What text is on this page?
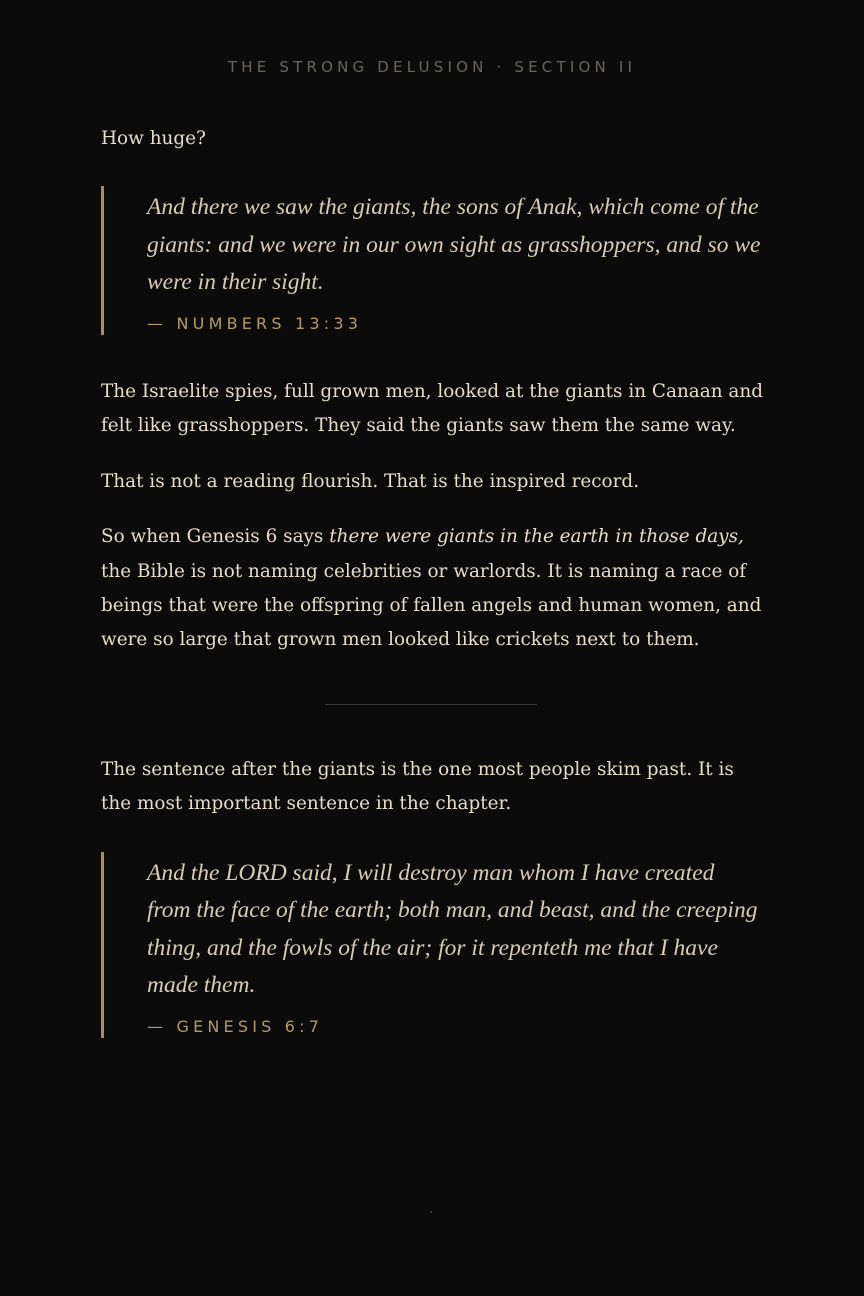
THE STRONG DELUSION · SECTION II

How huge?

And there we saw the giants, the sons of Anak, which come of the giants: and we were in our own sight as grasshoppers, and so we were in their sight.

— NUMBERS 13:33

The Israelite spies, full grown men, looked at the giants in Canaan and felt like grasshoppers. They said the giants saw them the same way.

That is not a reading flourish. That is the inspired record.

So when Genesis 6 says there were giants in the earth in those days, the Bible is not naming celebrities or warlords. It is naming a race of beings that were the offspring of fallen angels and human women, and were so large that grown men looked like crickets next to them.

The sentence after the giants is the one most people skim past. It is the most important sentence in the chapter.

And the LORD said, I will destroy man whom I have created from the face of the earth; both man, and beast, and the creeping thing, and the fowls of the air; for it repenteth me that I have made them.

— GENESIS 6:7
